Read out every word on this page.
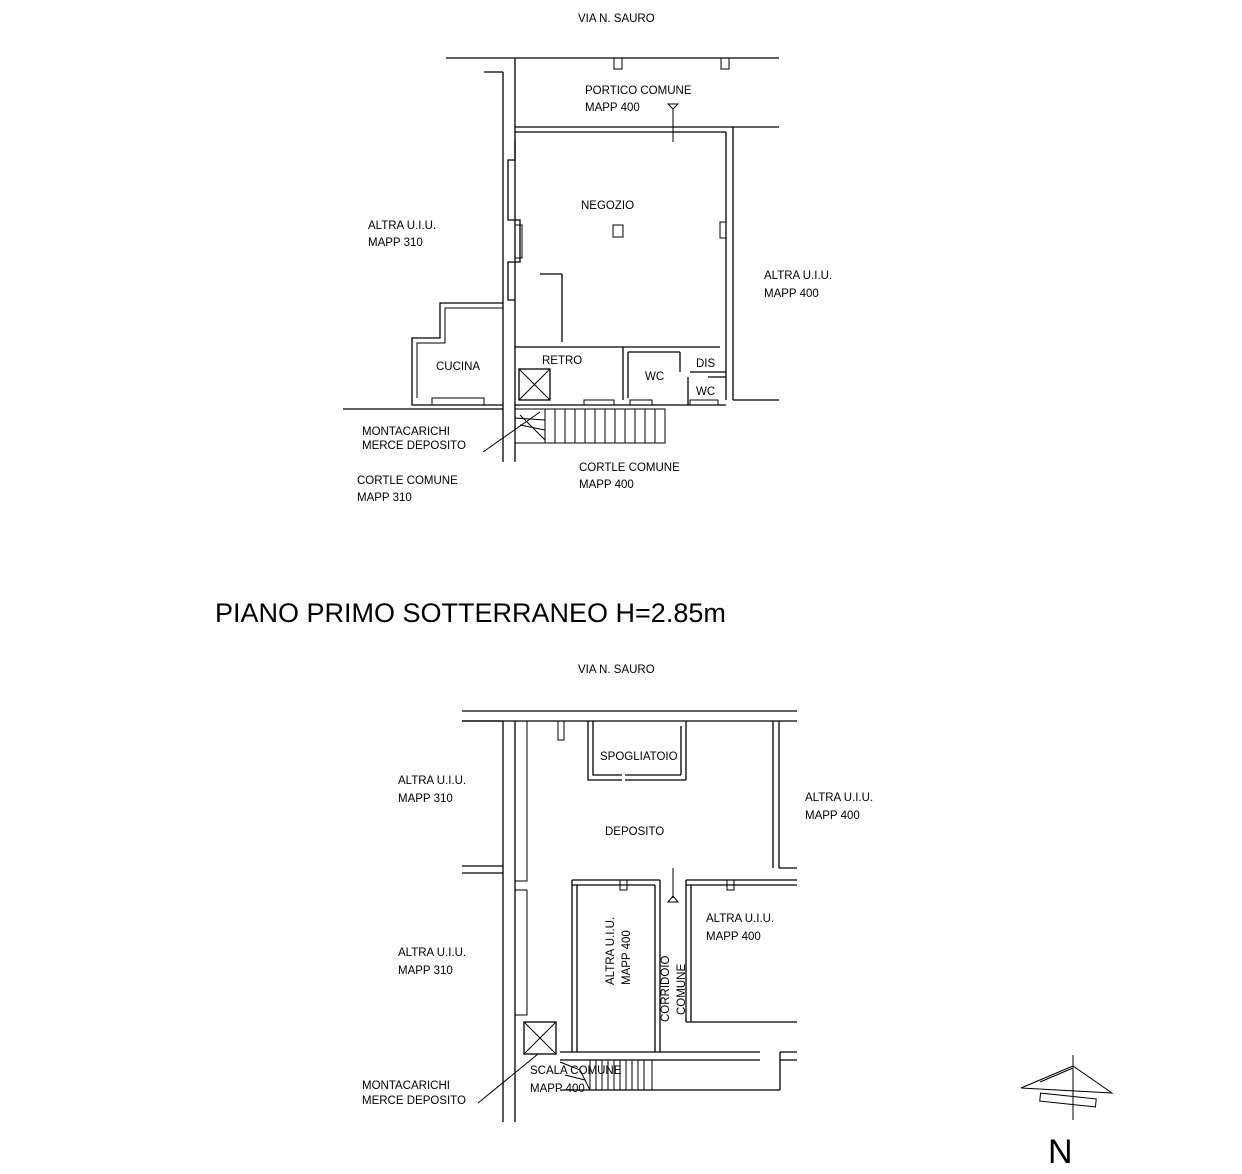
VIA N. SAURO
PORTICO COMUNE
MAPP 400
NEGOZIO
ALTRA U.I.U.
MAPP 310
ALTRA U.I.U.
MAPP 400
CUCINA	RETRO
WC
DIS
WC
MONTACARICHI
MERCE DEPOSITO
CORTLE COMUNE
MAPP 400
CORTLE COMUNE
MAPP 310
PIANO PRIMO SOTTERRANEO H=2.85m
VIA N. SAURO
SPOGLIATOIO
DEPOSITO
ALTRA U.I.U.
MAPP 310	ALTRA U.I.U.
MAPP 400
ALTRA U.I.U.
MAPP 400
ALTRA U.I.U.
MAPP 310	ALTRA U.I.U. MAPP 400 CORRIDOIO COMUNE
SCALA COMUNE
MAPP 400
MONTACARICHI
MERCE DEPOSITO
N
